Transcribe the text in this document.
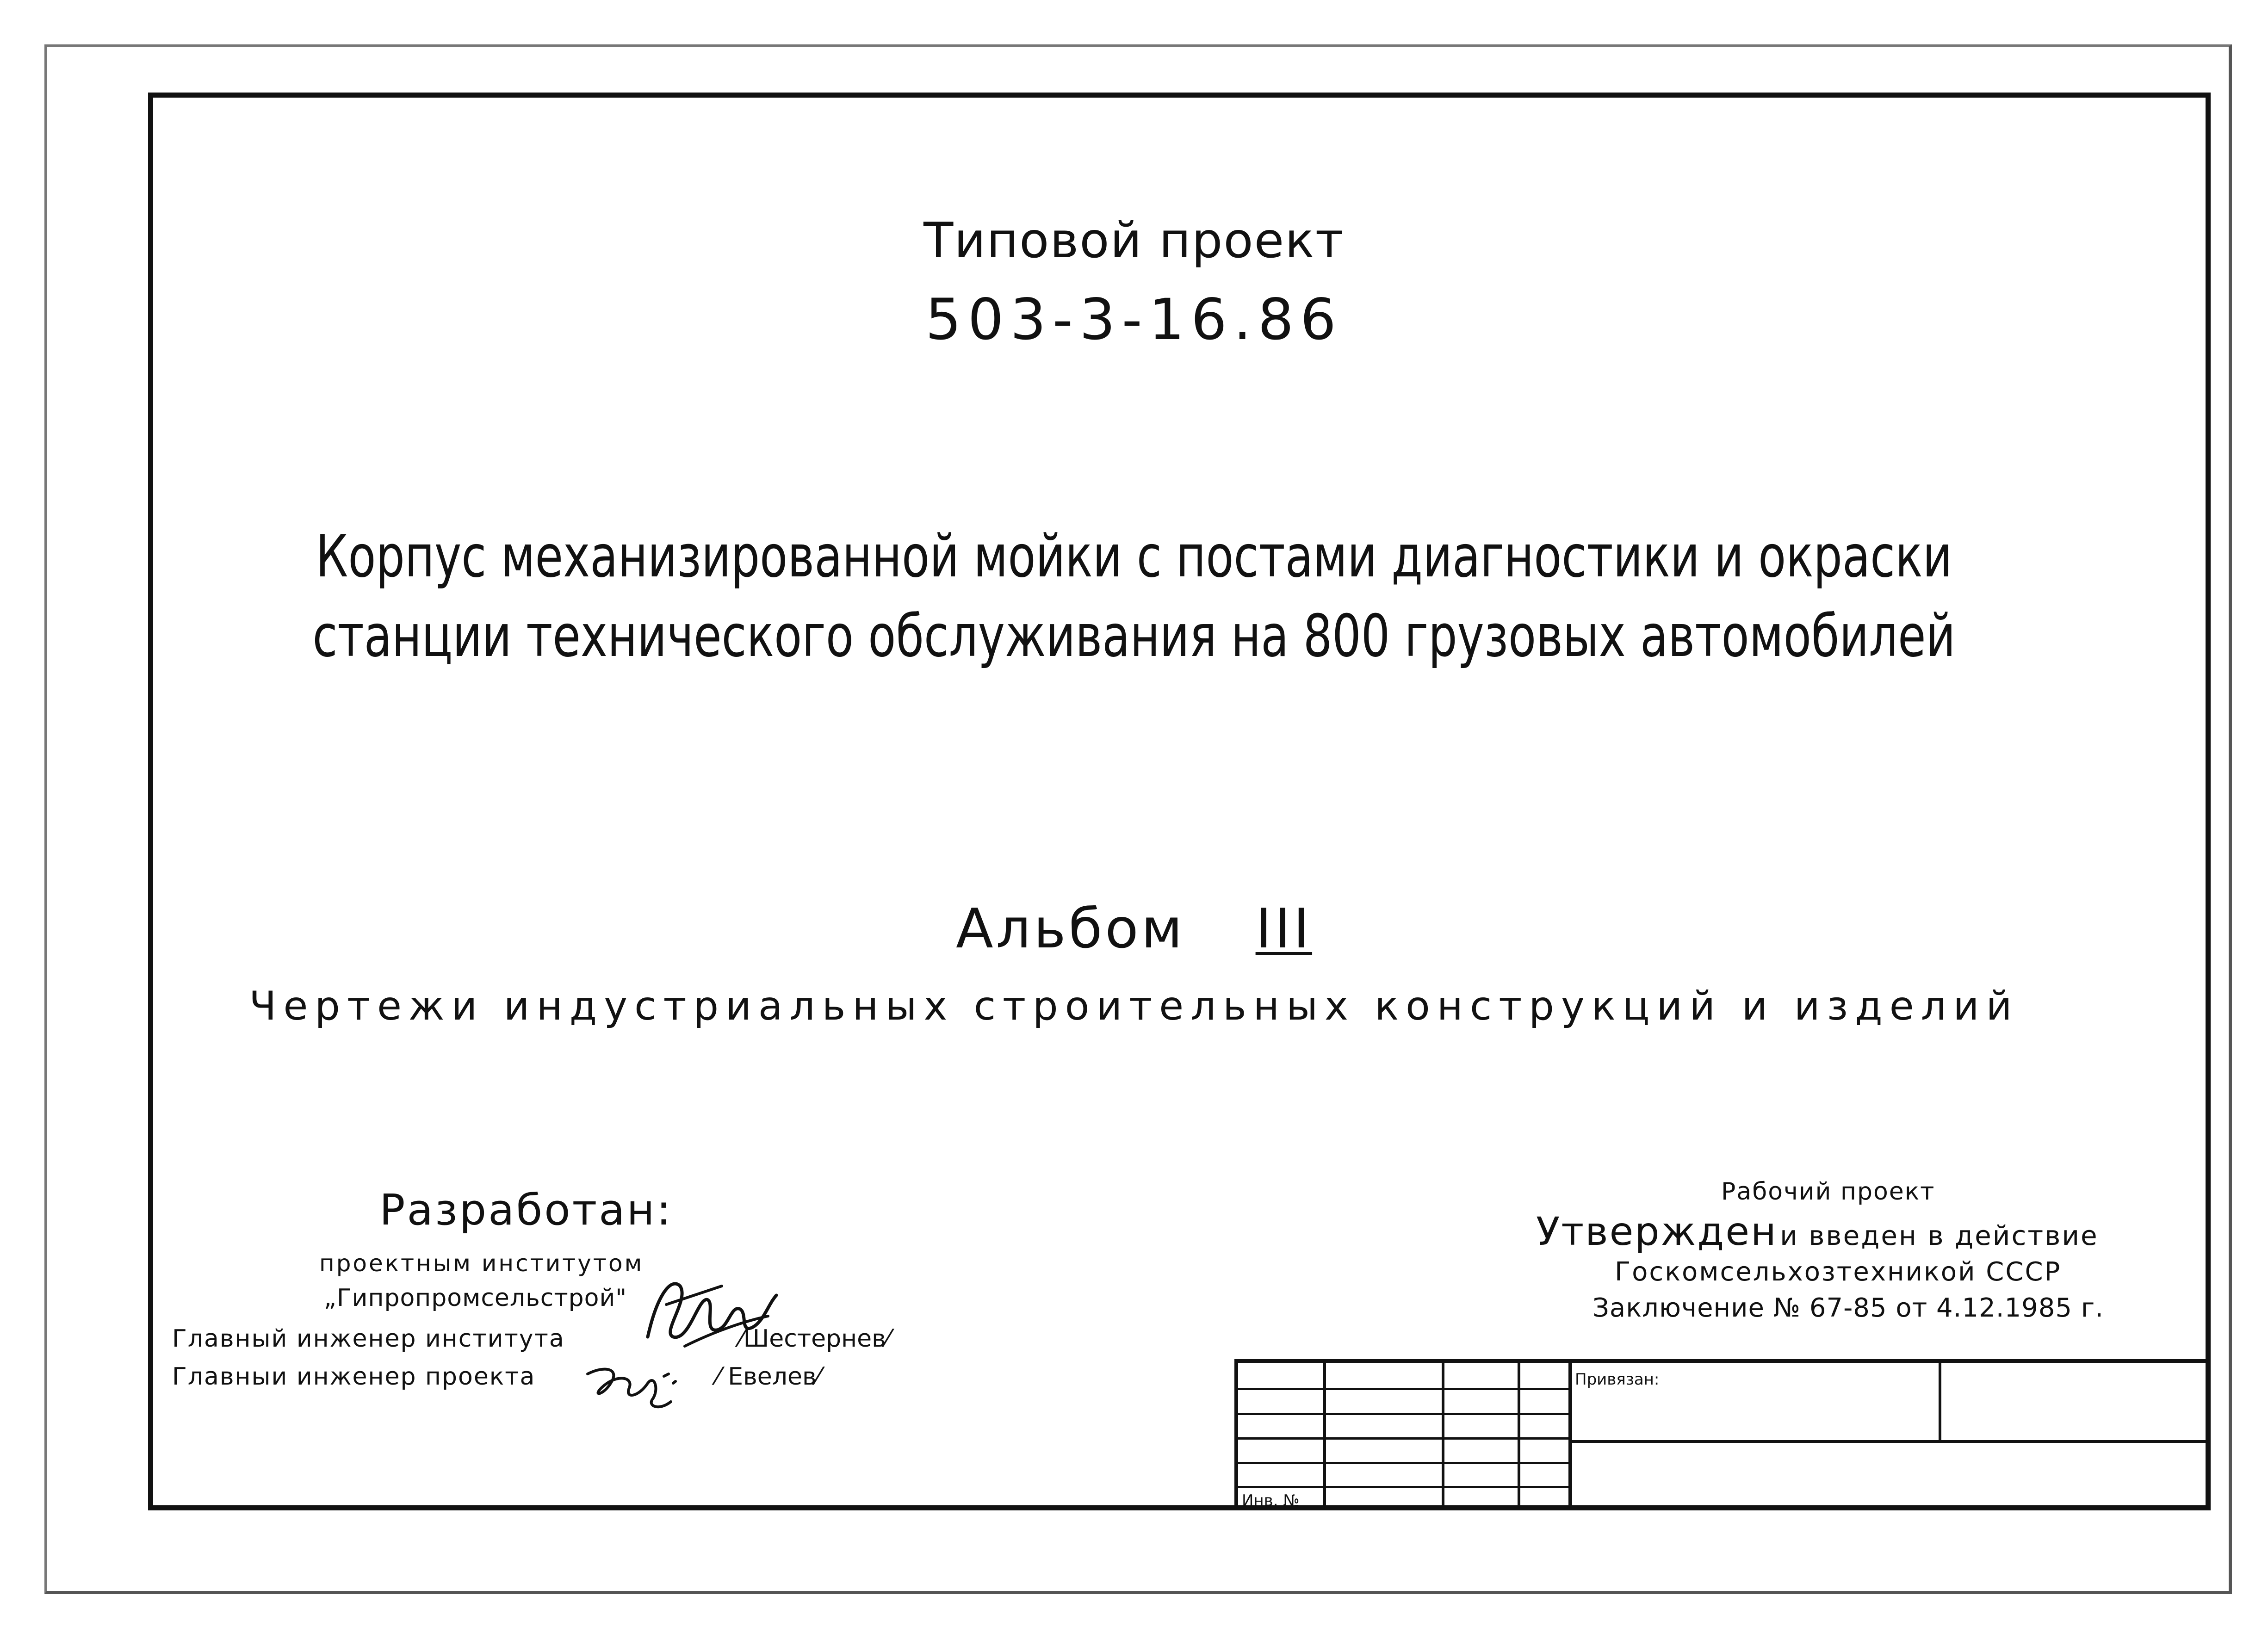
Типовой проект
503-3-16.86
Корпус механизированной мойки с постами диагностики и окраски
станции технического обслуживания на 800 грузовых автомобилей
Альбом   III
Чертежи индустриальных строительных конструкций и изделий
Разработан:
проектным институтом
„Гипропромсельстрой"
Главный инженер института	⁄Шестернев⁄
Главныи инженер проекта	⁄ Евелев⁄
Рабочий проект
Утвержден и введен в действие
Госкомсельхозтехникой СССР
Заключение № 67-85 от 4.12.1985 г.
Привязан:
Инв. №
